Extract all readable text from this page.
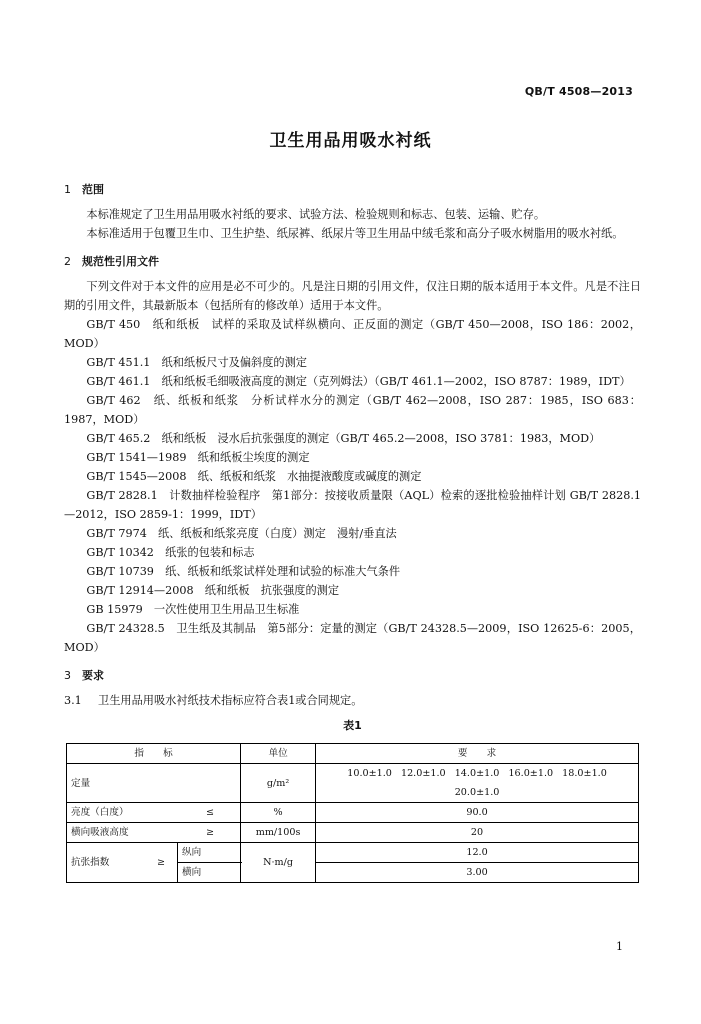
QB/T 4508—2013
卫生用品用吸水衬纸
1 范围

本标准规定了卫生用品用吸水衬纸的要求、试验方法、检验规则和标志、包装、运输、贮存。

本标准适用于包覆卫生巾、卫生护垫、纸尿裤、纸尿片等卫生用品中绒毛浆和高分子吸水树脂用的吸水衬纸。

2 规范性引用文件

下列文件对于本文件的应用是必不可少的。凡是注日期的引用文件，仅注日期的版本适用于本文件。凡是不注日期的引用文件，其最新版本（包括所有的修改单）适用于本文件。

GB/T 450　纸和纸板　试样的采取及试样纵横向、正反面的测定（GB/T 450—2008，ISO 186：2002，MOD）

GB/T 451.1　纸和纸板尺寸及偏斜度的测定

GB/T 461.1　纸和纸板毛细吸液高度的测定（克列姆法）（GB/T 461.1—2002，ISO 8787：1989，IDT）

GB/T 462　纸、纸板和纸浆　分析试样水分的测定（GB/T 462—2008，ISO 287：1985，ISO 683：1987，MOD）

GB/T 465.2　纸和纸板　浸水后抗张强度的测定（GB/T 465.2—2008，ISO 3781：1983，MOD）

GB/T 1541—1989　纸和纸板尘埃度的测定

GB/T 1545—2008　纸、纸板和纸浆　水抽提液酸度或碱度的测定

GB/T 2828.1　计数抽样检验程序　第1部分：按接收质量限（AQL）检索的逐批检验抽样计划 GB/T 2828.1—2012，ISO 2859-1：1999，IDT）

GB/T 7974　纸、纸板和纸浆亮度（白度）测定　漫射/垂直法

GB/T 10342　纸张的包装和标志

GB/T 10739　纸、纸板和纸浆试样处理和试验的标准大气条件

GB/T 12914—2008　纸和纸板　抗张强度的测定

GB 15979　一次性使用卫生用品卫生标准

GB/T 24328.5　卫生纸及其制品　第5部分：定量的测定（GB/T 24328.5—2009，ISO 12625-6：2005，MOD）

3 要求
3.1 卫生用品用吸水衬纸技术指标应符合表1或合同规定。
表1
指　　标		单位	要　　求
定量		g/m²	10.0±1.0 12.0±1.0 14.0±1.0 16.0±1.0 18.0±1.0 20.0±1.0

亮度（白度） ≤		%	90.0

横向吸液高度 ≥		mm/100s	20

抗张指数 ≥	纵向	N·m/g	12.0
	横向		3.00
1
